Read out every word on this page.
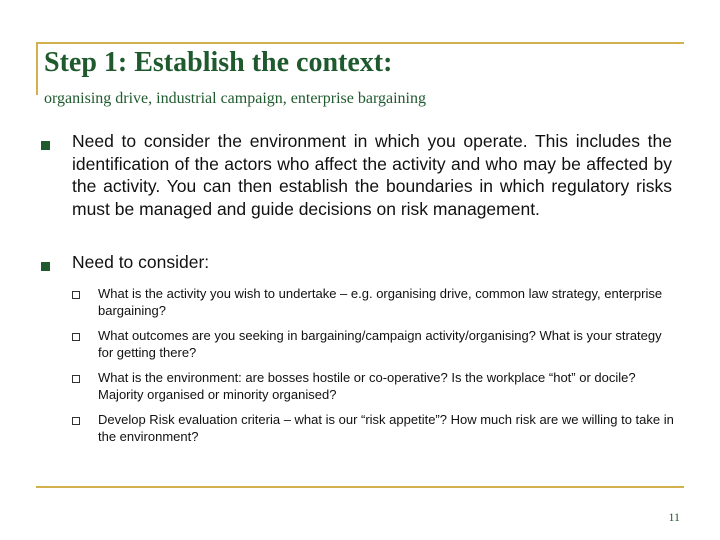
Step 1: Establish the context:
organising drive, industrial campaign, enterprise bargaining

Need to consider the environment in which you operate. This includes the identification of the actors who affect the activity and who may be affected by the activity. You can then establish the boundaries in which regulatory risks must be managed and guide decisions on risk management.

Need to consider:

What is the activity you wish to undertake – e.g. organising drive, common law strategy, enterprise bargaining?

What outcomes are you seeking in bargaining/campaign activity/organising? What is your strategy for getting there?

What is the environment: are bosses hostile or co-operative? Is the workplace “hot” or docile? Majority organised or minority organised?

Develop Risk evaluation criteria – what is our “risk appetite”? How much risk are we willing to take in the environment?

11
